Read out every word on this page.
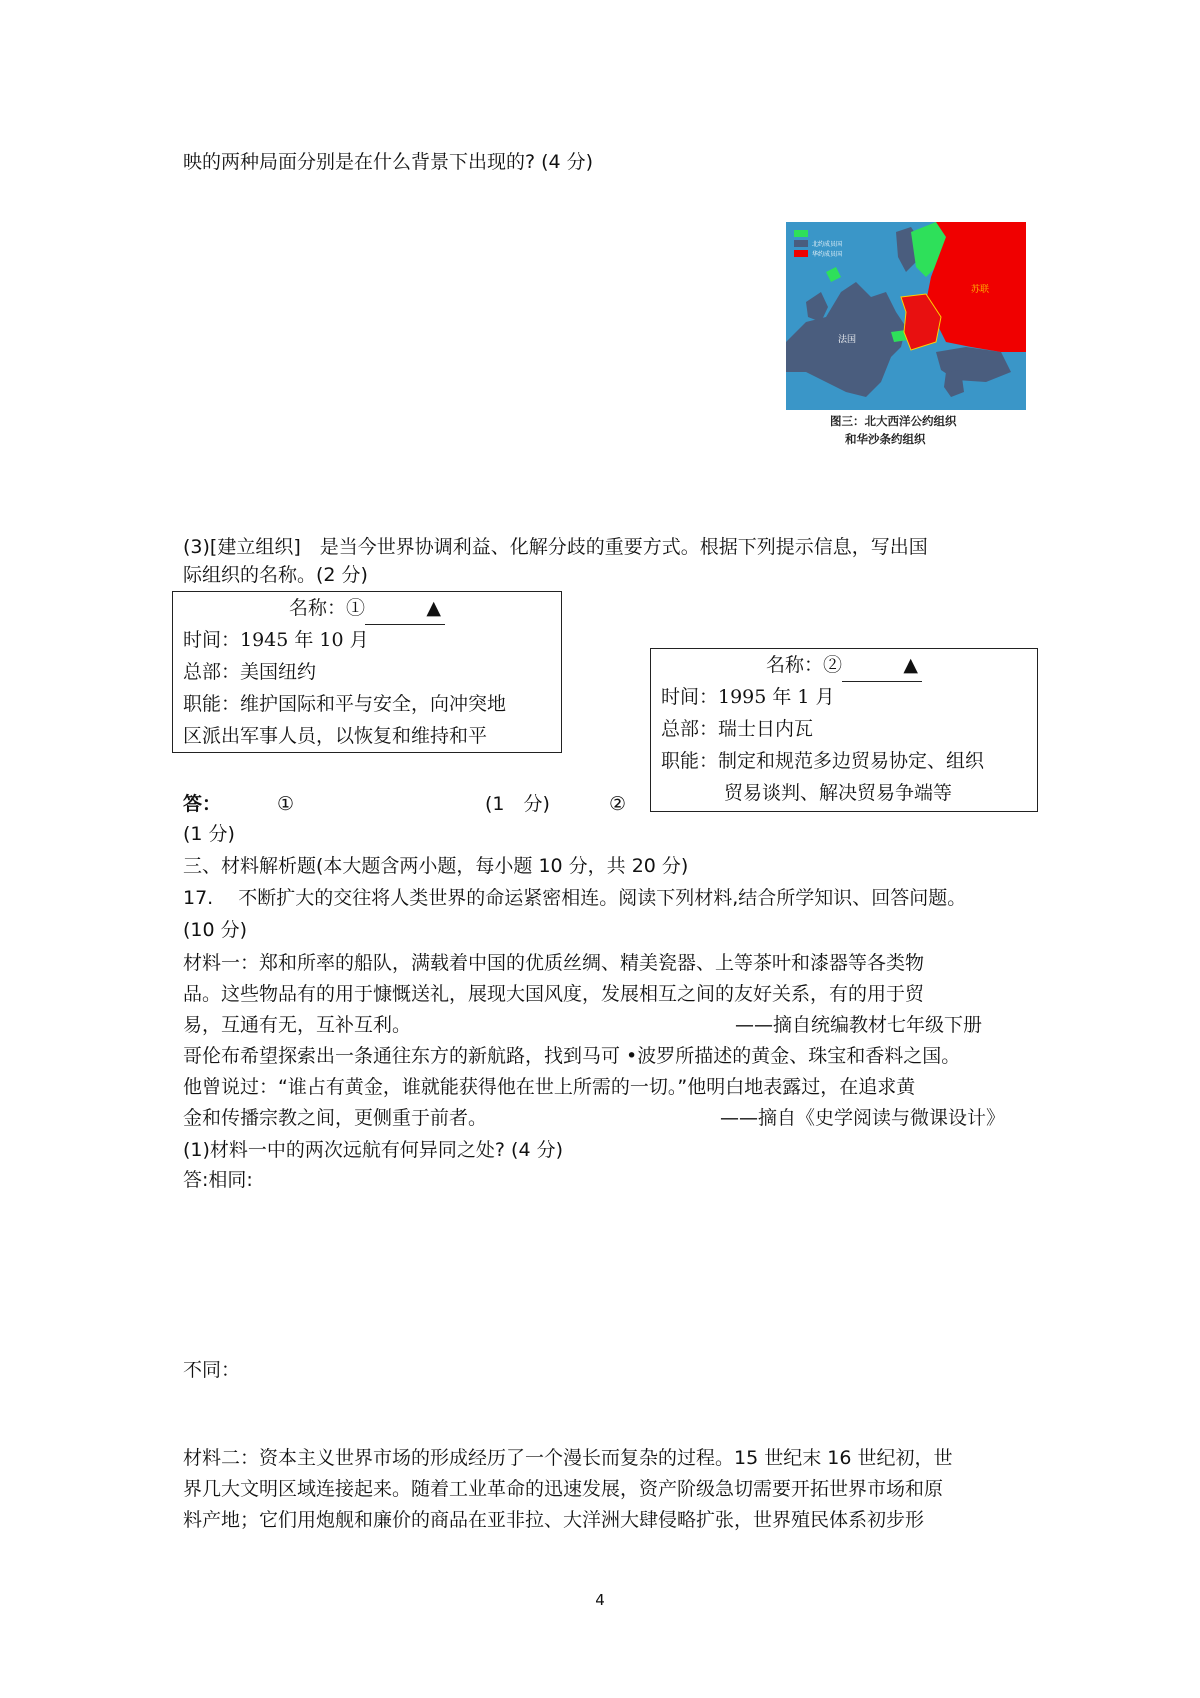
映的两种局面分别是在什么背景下出现的? (4 分)
北约成员国
华约成员国
苏联
法国
图三：北大西洋公约组织
和华沙条约组织
(3)[建立组织]　是当今世界协调利益、化解分歧的重要方式。根据下列提示信息，写出国
际组织的名称。(2 分)
名称：①	▲
时间：1945 年 10 月
总部：美国纽约
职能：维护国际和平与安全，向冲突地
区派出军事人员，以恢复和维持和平
名称：②	▲
时间：1995 年 1 月
总部：瑞士日内瓦
职能：制定和规范多边贸易协定、组织
贸易谈判、解决贸易争端等
答：	①	(1　分)	②
(1 分)
三、材料解析题(本大题含两小题，每小题 10 分，共 20 分)
17.　 不断扩大的交往将人类世界的命运紧密相连。阅读下列材料,结合所学知识、回答问题。
(10 分)
材料一：郑和所率的船队，满载着中国的优质丝绸、精美瓷器、上等茶叶和漆器等各类物
品。这些物品有的用于慷慨送礼，展现大国风度，发展相互之间的友好关系，有的用于贸
易，互通有无，互补互利。	——摘自统编教材七年级下册
哥伦布希望探索出一条通往东方的新航路，找到马可 •波罗所描述的黄金、珠宝和香料之国。
他曾说过：“谁占有黄金，谁就能获得他在世上所需的一切。”他明白地表露过，在追求黄
金和传播宗教之间，更侧重于前者。	——摘自《史学阅读与微课设计》
(1)材料一中的两次远航有何异同之处? (4 分)
答:相同:
不同：
材料二：资本主义世界市场的形成经历了一个漫长而复杂的过程。15 世纪末 16 世纪初，世
界几大文明区域连接起来。随着工业革命的迅速发展，资产阶级急切需要开拓世界市场和原
料产地；它们用炮舰和廉价的商品在亚非拉、大洋洲大肆侵略扩张，世界殖民体系初步形
4
